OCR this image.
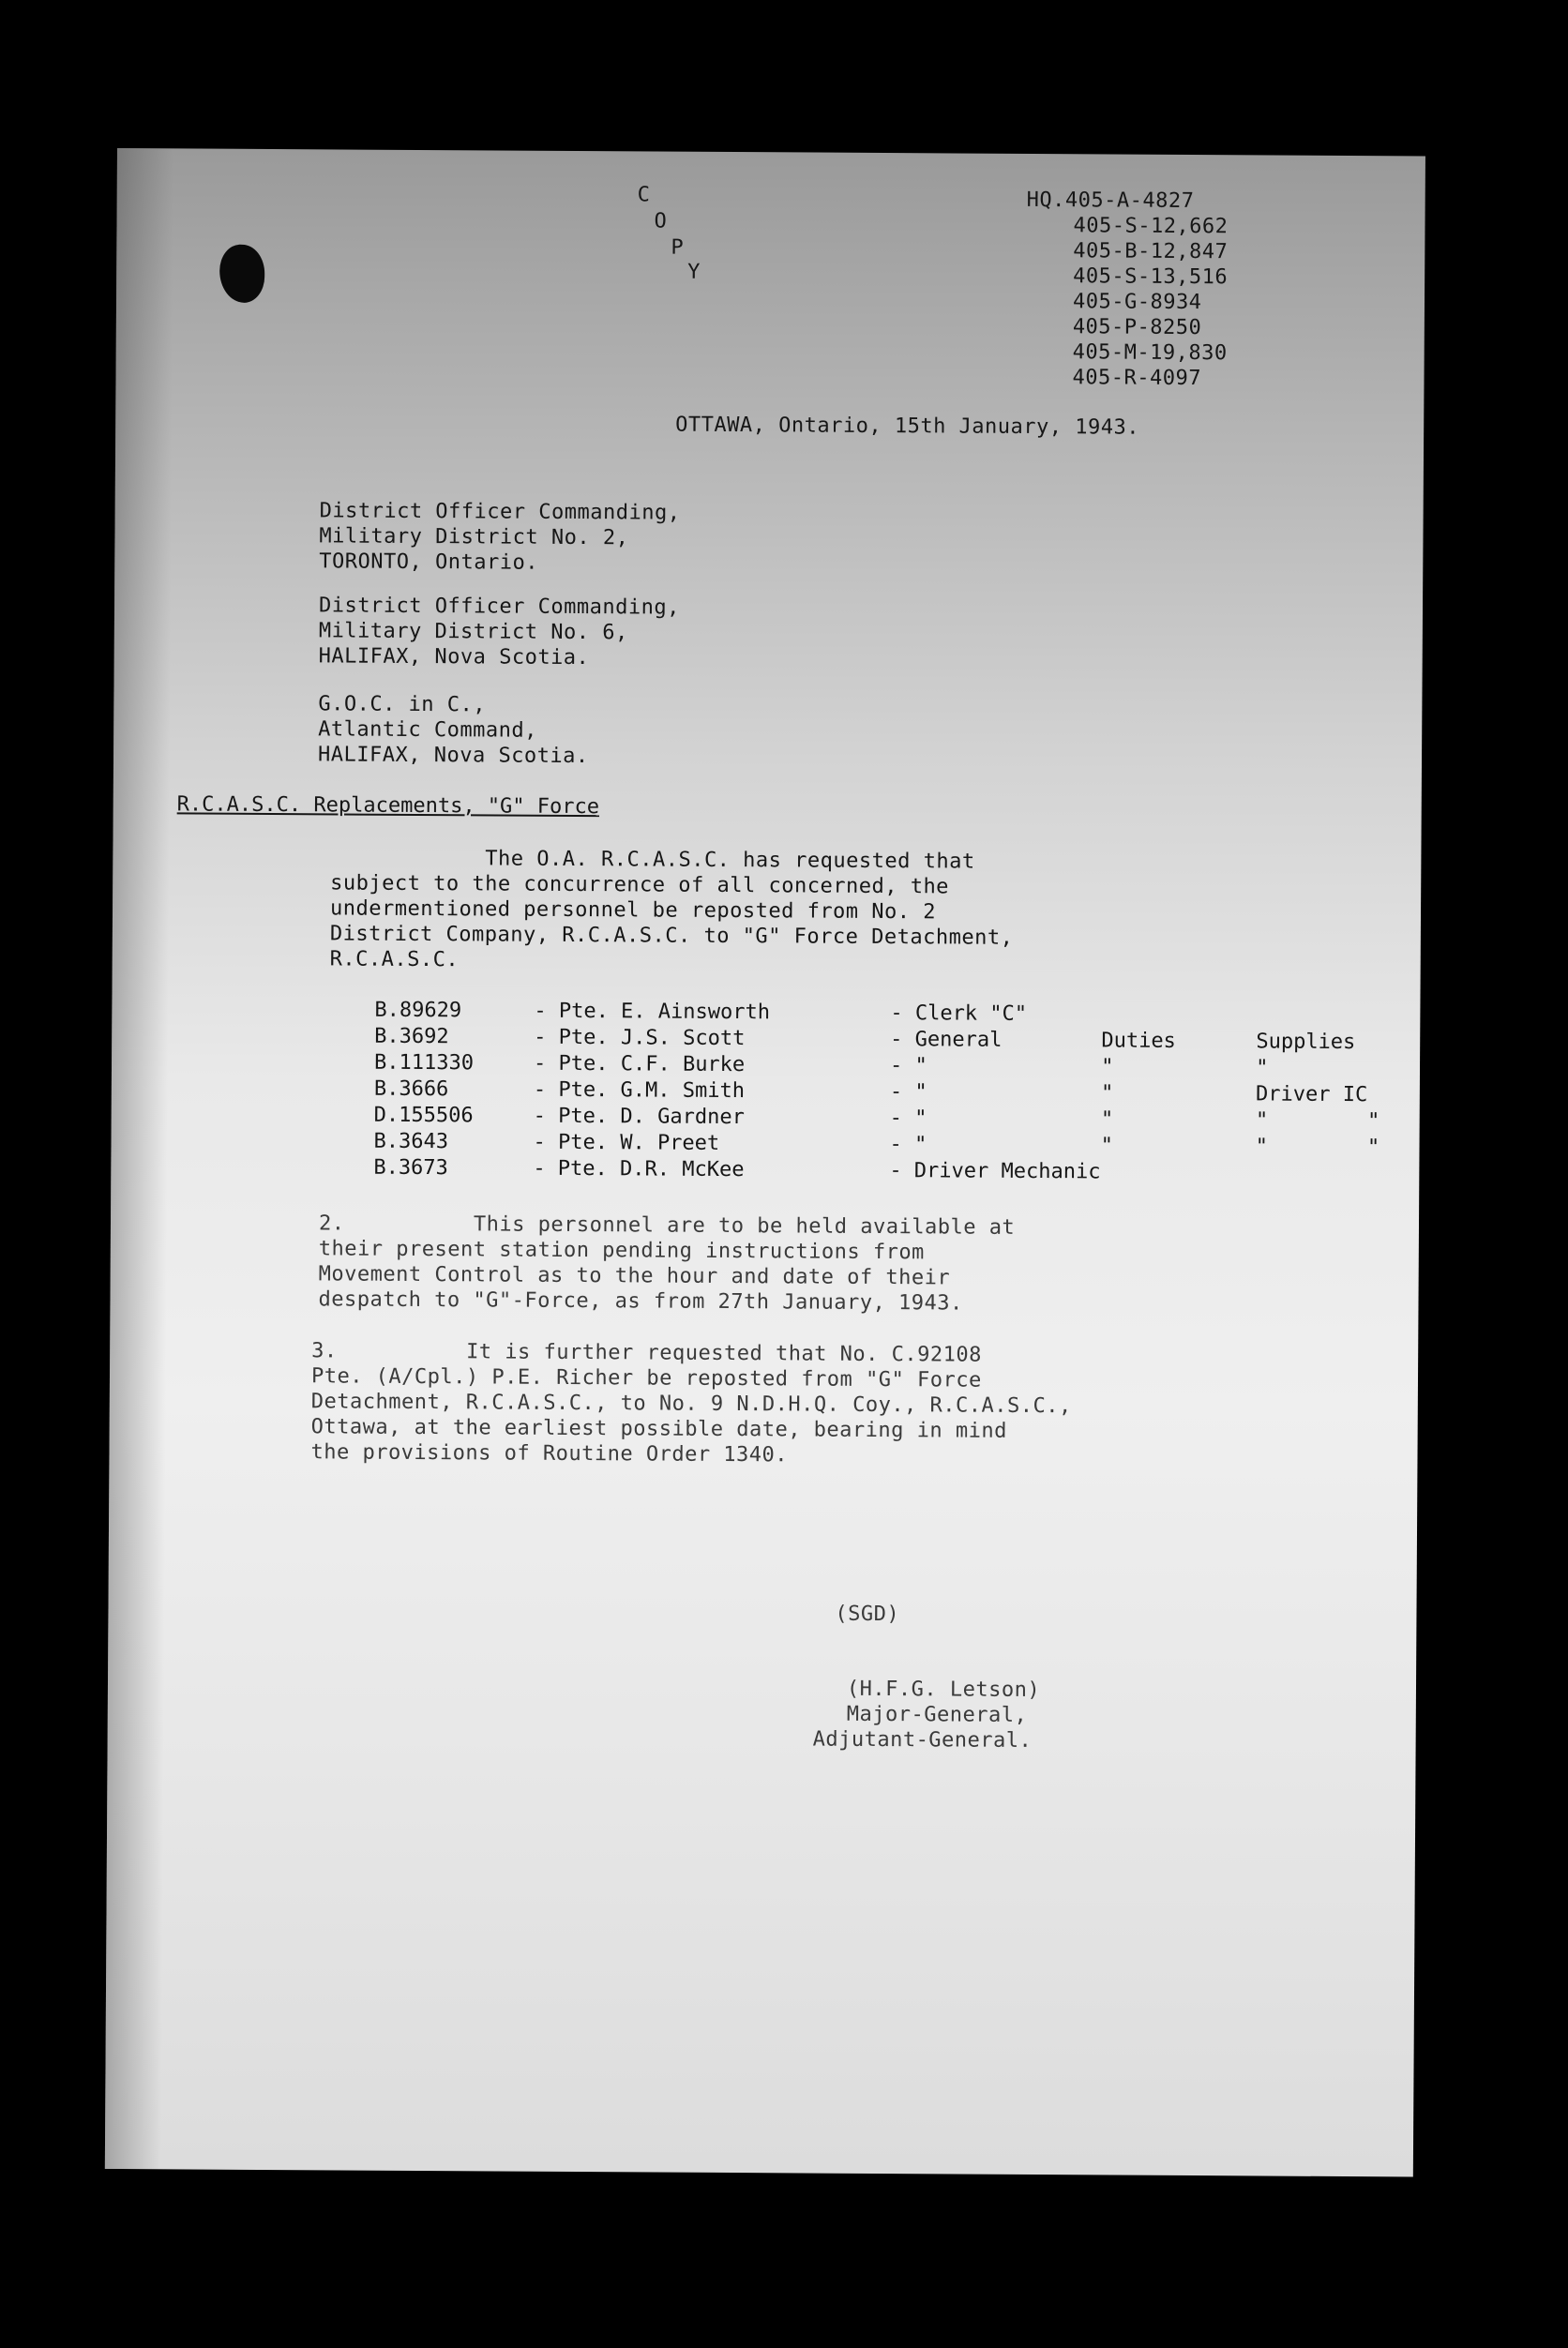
C
O
P
Y
HQ.405-A-4827
405-S-12,662
405-B-12,847
405-S-13,516
405-G-8934
405-P-8250
405-M-19,830
405-R-4097
OTTAWA, Ontario, 15th January, 1943.
District Officer Commanding,
Military District No. 2,
TORONTO, Ontario.
District Officer Commanding,
Military District No. 6,
HALIFAX, Nova Scotia.
G.O.C. in C.,
Atlantic Command,
HALIFAX, Nova Scotia.
R.C.A.S.C. Replacements, "G" Force
The O.A. R.C.A.S.C. has requested that
subject to the concurrence of all concerned, the
undermentioned personnel be reposted from No. 2
District Company, R.C.A.S.C. to "G" Force Detachment,
R.C.A.S.C.
B.89629	- Pte. E. Ainsworth	- Clerk "C"		
B.3692	- Pte. J.S. Scott	- General	Duties	Supplies
B.111330	- Pte. C.F. Burke	- "	"	"
B.3666	- Pte. G.M. Smith	- "	"	Driver IC
D.155506	- Pte. D. Gardner	- "	"	"        "
B.3643	- Pte. W. Preet	- "	"	"        "
B.3673	- Pte. D.R. McKee	- Driver Mechanic		
2.          This personnel are to be held available at
their present station pending instructions from
Movement Control as to the hour and date of their
despatch to "G"-Force, as from 27th January, 1943.
3.          It is further requested that No. C.92108
Pte. (A/Cpl.) P.E. Richer be reposted from "G" Force
Detachment, R.C.A.S.C., to No. 9 N.D.H.Q. Coy., R.C.A.S.C.,
Ottawa, at the earliest possible date, bearing in mind
the provisions of Routine Order 1340.
(SGD)
(H.F.G. Letson)
Major-General,
Adjutant-General.
